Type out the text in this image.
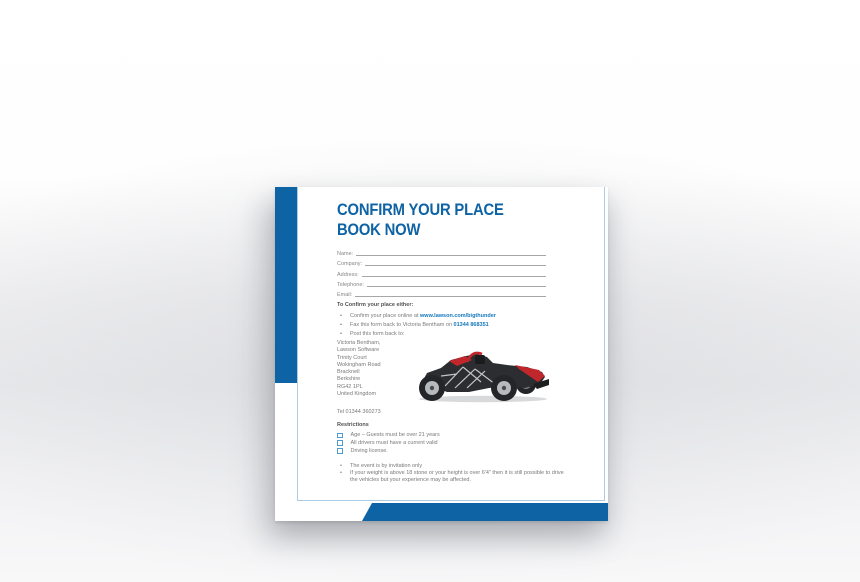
CONFIRM YOUR PLACE
BOOK NOW
Name:
Company:
Address:
Telephone:
Email:
To Confirm your place either:
•	Confirm your place online at www.lawson.com/bigthunder
•	Fax this form back to Victoria Bentham on 01344 868351
•	Post this form back to:
Victoria Bentham,
Lawson Software
Trinity Court
Wokingham Road
Bracknell
Berkshire
RG42 1PL
United Kingdom
Tel 01344 360273
Restrictions
Age – Guests must be over 21 years
All drivers must have a current valid
Driving license.
•	The event is by invitation only
•	If your weight is above 18 stone or your height is over 6'4" then it is still possible to drive the vehicles but your experience may be affected.
